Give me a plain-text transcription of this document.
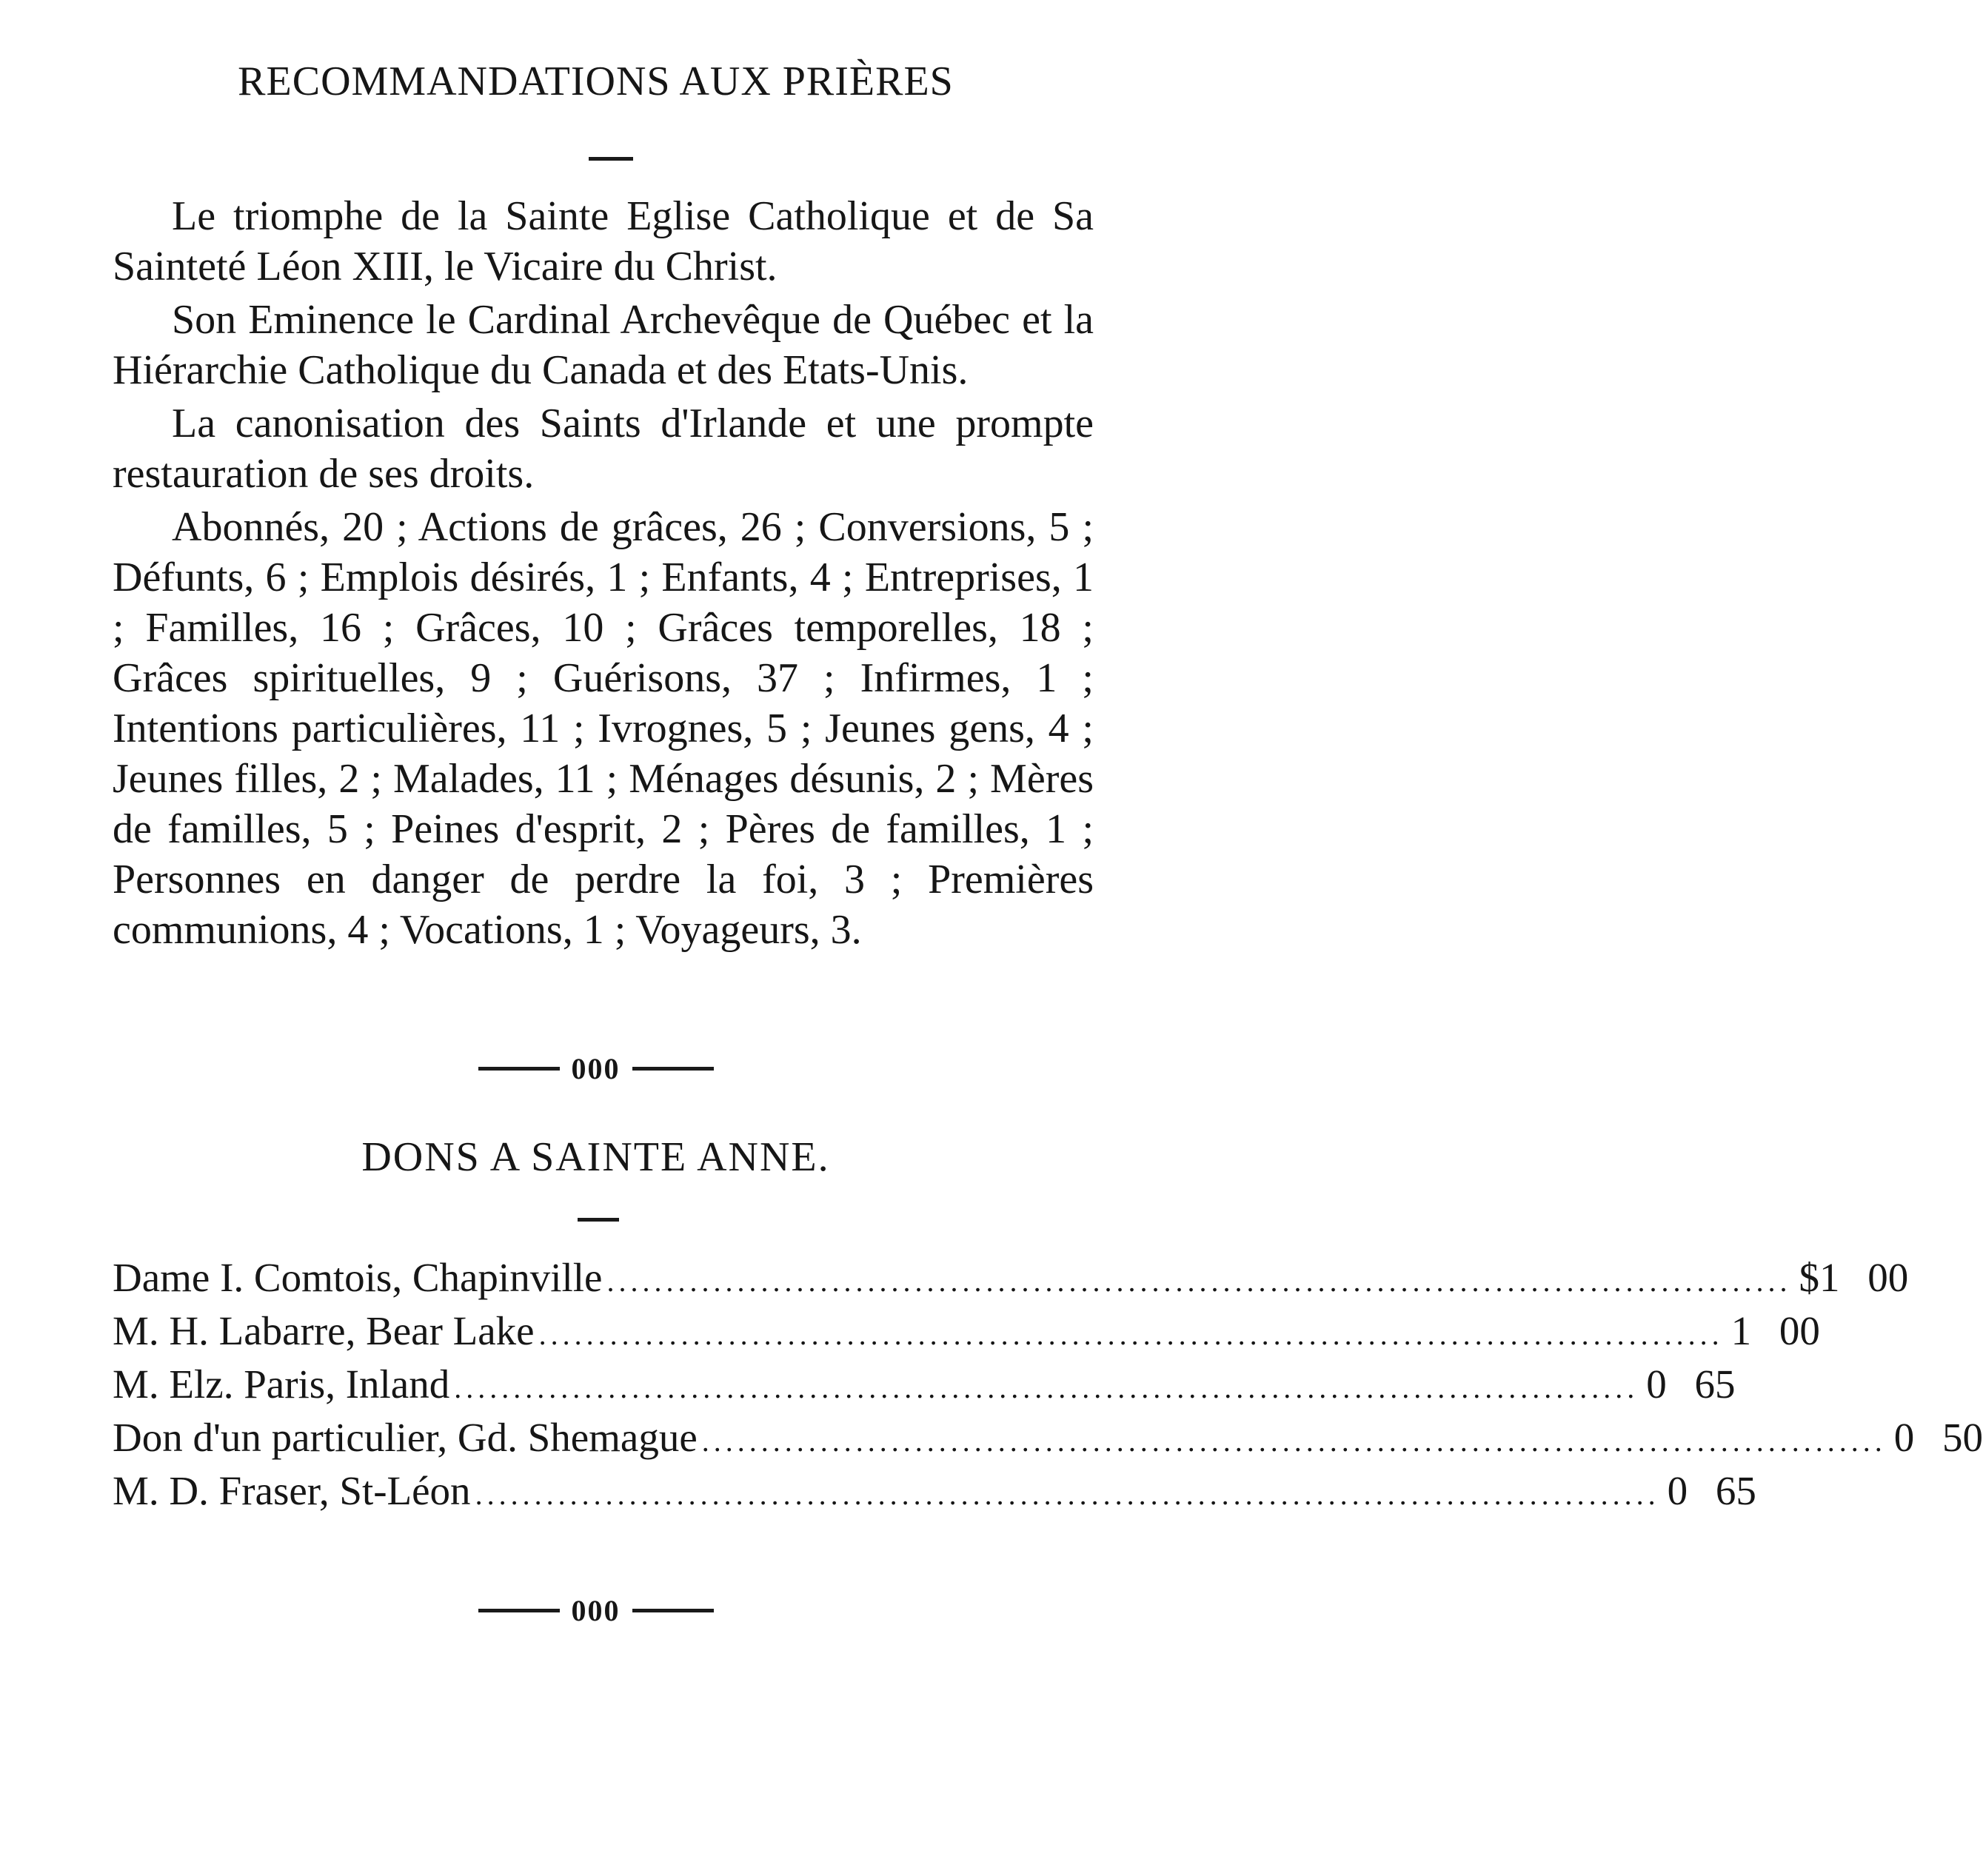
RECOMMANDATIONS AUX PRIÈRES

Le triomphe de la Sainte Eglise Catholique et de Sa Sainteté Léon XIII, le Vicaire du Christ.

Son Eminence le Cardinal Archevêque de Québec et la Hiérarchie Catholique du Canada et des Etats-Unis.

La canonisation des Saints d'Irlande et une prompte restauration de ses droits.

Abonnés, 20 ; Actions de grâces, 26 ; Conversions, 5 ; Défunts, 6 ; Emplois désirés, 1 ; Enfants, 4 ; Entreprises, 1 ; Familles, 16 ; Grâces, 10 ; Grâces temporelles, 18 ; Grâces spirituelles, 9 ; Guérisons, 37 ; Infirmes, 1 ; Intentions particulières, 11 ; Ivrognes, 5 ; Jeunes gens, 4 ; Jeunes filles, 2 ; Malades, 11 ; Ménages désunis, 2 ; Mères de familles, 5 ; Peines d'esprit, 2 ; Pères de familles, 1 ; Personnes en danger de perdre la foi, 3 ; Premières communions, 4 ; Vocations, 1 ; Voyageurs, 3.

000
DONS A SAINTE ANNE.
Dame I. Comtois, Chapinville .................................................................................................... $1 00
M. H. Labarre, Bear Lake .................................................................................................... 1 00
M. Elz. Paris, Inland .................................................................................................... 0 65
Don d'un particulier, Gd. Shemague .................................................................................................... 0 50
M. D. Fraser, St-Léon .................................................................................................... 0 65
000
